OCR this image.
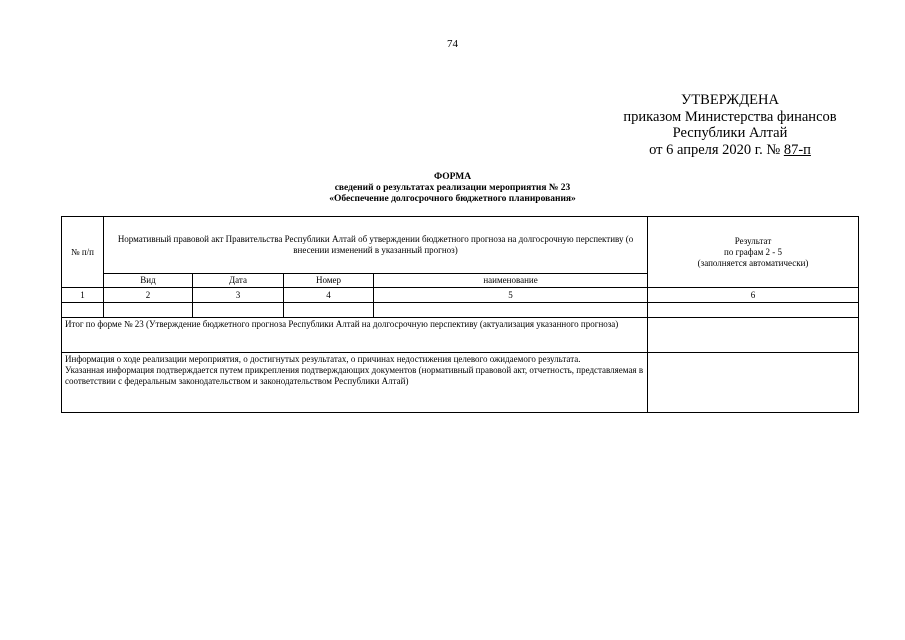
74
УТВЕРЖДЕНА
приказом Министерства финансов
Республики Алтай
от 6 апреля 2020 г. № 87-п
ФОРМА
сведений о результатах реализации мероприятия № 23
«Обеспечение долгосрочного бюджетного планирования»
№ п/п	Нормативный правовой акт Правительства Республики Алтай об утверждении бюджетного прогноза на долгосрочную перспективу (о внесении изменений в указанный прогноз)				Результат
по графам 2 - 5
(заполняется автоматически)

	Вид	Дата	Номер	наименование	
1	2	3	4	5	6

Итог по форме № 23 (Утверждение бюджетного прогноза Республики Алтай на долгосрочную перспективу (актуализация указанного прогноза)					

Информация о ходе реализации мероприятия, о достигнутых результатах, о причинах недостижения целевого ожидаемого результата.
Указанная информация подтверждается путем прикрепления подтверждающих документов (нормативный правовой акт, отчетность, представляемая в соответствии с федеральным законодательством и законодательством Республики Алтай)					
